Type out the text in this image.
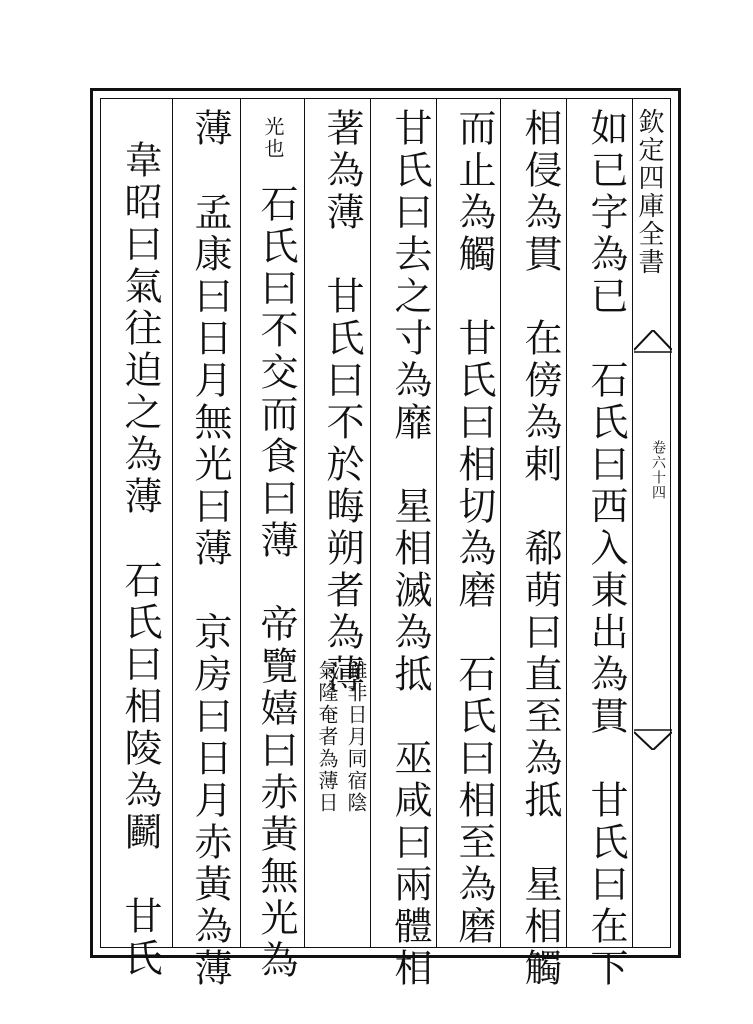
欽定四庫全書
卷六十四
如已字為已　石氏曰西入東出為貫　甘氏曰在下
相侵為貫　在傍為剌　郗萌曰直至為抵　星相觸
而止為觸　甘氏曰相切為磨　石氏曰相至為磨
甘氏曰去之寸為靡　星相滅為抵　巫咸曰兩體相
著為薄　甘氏曰不於晦朔者為薄
雖非日月同宿陰
氣隆奄者為薄日
光也
石氏曰不交而食曰薄　帝覽嬉曰赤黃無光為
薄　孟康曰日月無光曰薄　京房曰日月赤黃為薄
韋昭曰氣往迫之為薄　石氏曰相陵為鬬　甘氏
